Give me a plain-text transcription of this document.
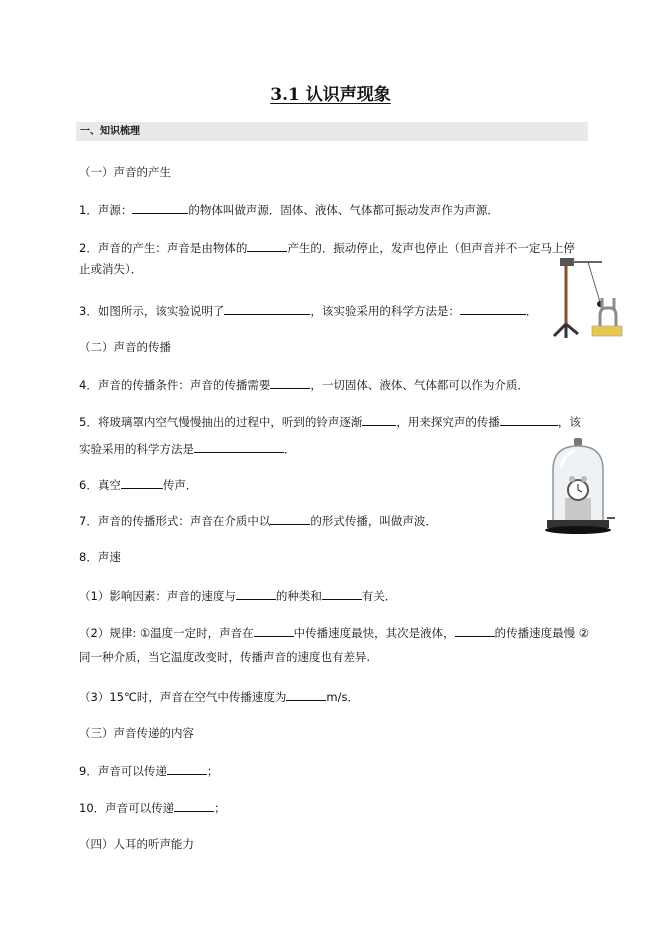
3.1 认识声现象
一、知识梳理
（一）声音的产生
1．声源：	的物体叫做声源．固体、液体、气体都可振动发声作为声源．
2．声音的产生：声音是由物体的	产生的．振动停止，发声也停止（但声音并不一定马上停
止或消失）．
3．如图所示，该实验说明了	，该实验采用的科学方法是：	．
（二）声音的传播
4．声音的传播条件：声音的传播需要	，一切固体、液体、气体都可以作为介质．
5．将玻璃罩内空气慢慢抽出的过程中，听到的铃声逐渐	，用来探究声的传播	，该
实验采用的科学方法是	．
6．真空	传声．
7．声音的传播形式：声音在介质中以	的形式传播，叫做声波．
8．声速
（1）影响因素：声音的速度与	的种类和	有关．
（2）规律: ①温度一定时，声音在	中传播速度最快，其次是液体，	的传播速度最慢 ②
同一种介质，当它温度改变时，传播声音的速度也有差异.
（3）15℃时，声音在空气中传播速度为	m/s．
（三）声音传递的内容
9．声音可以传递	；
10．声音可以传递	；
（四）人耳的听声能力
